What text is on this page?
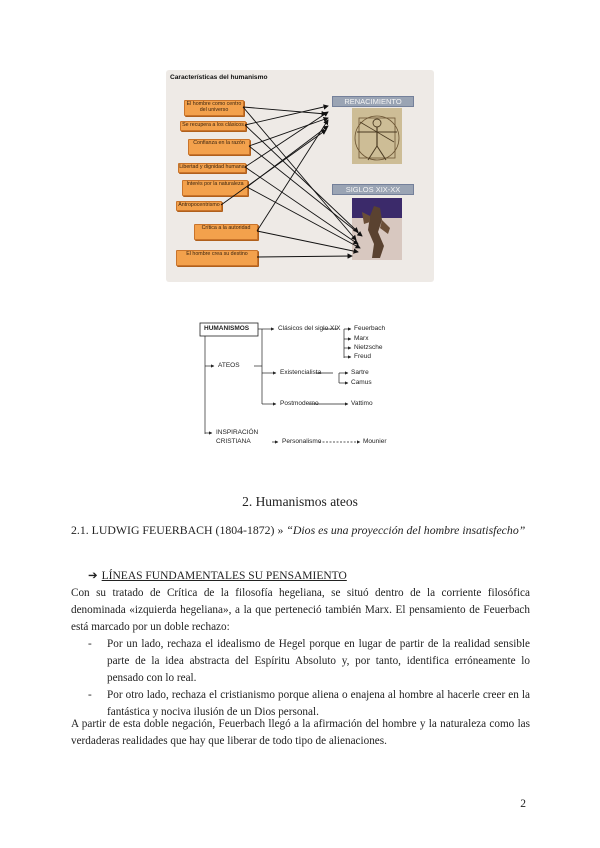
Características del humanismo
El hombre como centro del universo
Se recupera a los clásicos
Confianza en la razón
Libertad y dignidad humana
Interés por la naturaleza
Antropocentrismo
Crítica a la autoridad
El hombre crea su destino
RENACIMIENTO
SIGLOS XIX-XX
HUMANISMOS
ATEOS
INSPIRACIÓN
CRISTIANA
Clásicos del siglo XIX
Existencialista
Postmoderno
Personalismo
Feuerbach
Marx
Nietzsche
Freud
Sartre
Camus
Vattimo
Mounier
2. Humanismos ateos
2.1. LUDWIG FEUERBACH (1804-1872) » “Dios es una proyección del hombre insatisfecho”
➔ LÍNEAS FUNDAMENTALES SU PENSAMIENTO

Con su tratado de Crítica de la filosofía hegeliana, se situó dentro de la corriente filosófica denominada «izquierda hegeliana», a la que perteneció también Marx. El pensamiento de Feuerbach está marcado por un doble rechazo:

- Por un lado, rechaza el idealismo de Hegel porque en lugar de partir de la realidad sensible parte de la idea abstracta del Espíritu Absoluto y, por tanto, identifica erróneamente lo pensado con lo real.
- Por otro lado, rechaza el cristianismo porque aliena o enajena al hombre al hacerle creer en la fantástica y nociva ilusión de un Dios personal.

A partir de esta doble negación, Feuerbach llegó a la afirmación del hombre y la naturaleza como las verdaderas realidades que hay que liberar de todo tipo de alienaciones.

2
